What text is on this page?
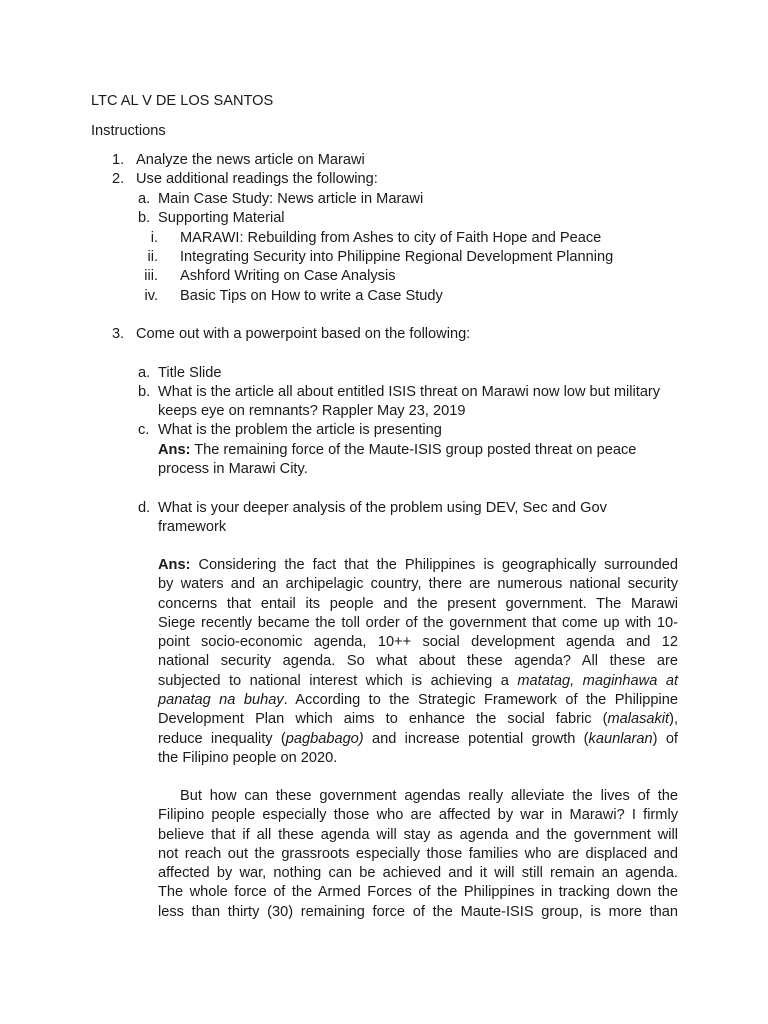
LTC AL V DE LOS SANTOS
Instructions
1. Analyze the news article on Marawi
2. Use additional readings the following:
a. Main Case Study: News article in Marawi
b. Supporting Material
i. MARAWI: Rebuilding from Ashes to city of Faith Hope and Peace
ii. Integrating Security into Philippine Regional Development Planning
iii. Ashford Writing on Case Analysis
iv. Basic Tips on How to write a Case Study
3. Come out with a powerpoint based on the following:
a. Title Slide
b. What is the article all about entitled ISIS threat on Marawi now low but military
keeps eye on remnants? Rappler May 23, 2019
c. What is the problem the article is presenting
Ans: The remaining force of the Maute-ISIS group posted threat on peace
process in Marawi City.
d. What is your deeper analysis of the problem using DEV, Sec and Gov
framework

Ans: Considering the fact that the Philippines is geographically surrounded

by waters and an archipelagic country, there are numerous national security

concerns that entail its people and the present government. The Marawi

Siege recently became the toll order of the government that come up with 10-

point socio-economic agenda, 10++ social development agenda and 12

national security agenda. So what about these agenda? All these are

subjected to national interest which is achieving a matatag, maginhawa at

panatag na buhay. According to the Strategic Framework of the Philippine

Development Plan which aims to enhance the social fabric (malasakit),

reduce inequality (pagbabago) and increase potential growth (kaunlaran) of

the Filipino people on 2020.

But how can these government agendas really alleviate the lives of the

Filipino people especially those who are affected by war in Marawi? I firmly

believe that if all these agenda will stay as agenda and the government will

not reach out the grassroots especially those families who are displaced and

affected by war, nothing can be achieved and it will still remain an agenda.

The whole force of the Armed Forces of the Philippines in tracking down the

less than thirty (30) remaining force of the Maute-ISIS group, is more than
